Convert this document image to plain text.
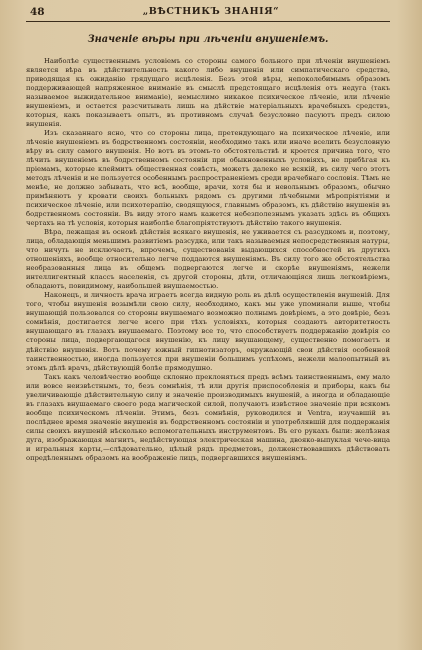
48	„ВѢСТНИКЪ ЗНАНІЯ“
Значеніе вѣры при лѣченіи внушеніемъ.

Наиболѣе существеннымъ условіемъ со стороны самого больного при лѣченіи внушеніемъ является вѣра въ дѣйствительность какого либо внушенія или симпатическаго средства, приводящая къ ожиданію грядущаго исцѣленія. Безъ этой вѣры, непоколебимымъ образомъ поддерживающей напряженное вниманіе въ смыслѣ предстоящаго исцѣленія отъ недуга (такъ называемое выжидательное вниманіе), немыслимо никакое психическое лѣченіе, или лѣченіе внушеніемъ, и остается разсчитывать лишь на дѣйствіе матеріальныхъ врачебныхъ средствъ, которыя, какъ показываетъ опытъ, въ противномъ случаѣ безусловно пасуютъ предъ силою внушенія.

Изъ сказаннаго ясно, что со стороны лица, претендующаго на психическое лѣченіе, или лѣченіе внушеніемъ въ бодрственномъ состояніи, необходимо такъ или иначе вселить безусловную вѣру въ силу самого внушенія. Но вотъ въ этомъ-то обстоятельствѣ и кроется причина того, что лѣчить внушеніемъ въ бодрственномъ состояніи при обыкновенныхъ условіяхъ, не прибѣгая къ пріемамъ, которые клеймитъ общественная совѣсть, можетъ далеко не всякій, въ силу чего этотъ методъ лѣченія и не пользуется особеннымъ распространеніемъ среди врачебнаго сословія. Тѣмъ не менѣе, не должно забывать, что всѣ, вообще, врачи, хотя бы и невольнымъ образомъ, обычно примѣняютъ у кровати своихъ больныхъ рядомъ съ другими лѣчебными мѣропріятіями и психическое лѣченіе, или психотерапію, сводящуюся, главнымъ образомъ, къ дѣйствію внушенія въ бодрственномъ состояніи. Въ виду этого намъ кажется небезполезнымъ указать здѣсь въ общихъ чертахъ на тѣ условія, которыя наиболѣе благопріятствуютъ дѣйствію такого внушенія.

Вѣра, лежащая въ основѣ дѣйствія всякаго внушенія, не уживается съ разсудкомъ и, поэтому, лица, обладающія меньшимъ развитіемъ разсудка, или такъ называемыя непосредственныя натуры, что ничуть не исключаетъ, впрочемъ, существованія выдающихся способностей въ другихъ отношеніяхъ, вообще относительно легче поддаются внушеніямъ. Въ силу того же обстоятельства необразованныя лица въ общемъ подвергаются легче и скорѣе внушеніямъ, нежели интеллигентный классъ населенія, съ другой стороны, дѣти, отличающіяся лишь легковѣріемъ, обладаютъ, повидимому, наибольшей внушаемостью.

Наконецъ, и личность врача играетъ всегда видную роль въ дѣлѣ осуществленія внушеній. Для того, чтобы внушенія возымѣли свою силу, необходимо, какъ мы уже упоминали выше, чтобы внушающій пользовался со стороны внушаемаго возможно полнымъ довѣріемъ, а это довѣріе, безъ сомнѣнія, достигается легче всего при тѣхъ условіяхъ, которыя создаютъ авторитетность внушающаго въ глазахъ внушаемаго. Поэтому все то, что способствуетъ поддержанію довѣрія со стороны лица, подвергающагося внушенію, къ лицу внушающему, существенно помогаетъ и дѣйствію внушенія. Вотъ почему южный гипнотизаторъ, окружающій свои дѣйствія особенной таинственностью, иногда пользуется при внушеніи большимъ успѣхомъ, нежели малоопытный въ этомъ дѣлѣ врачъ, дѣйствующій болѣе прямодушно.

Такъ какъ человѣчество вообще склонно преклоняться предъ всѣмъ таинственнымъ, ему мало или вовсе неизвѣстнымъ, то, безъ сомнѣнія, тѣ или другія приспособленія и приборы, какъ бы увеличивающіе дѣйствительную силу и значеніе производимыхъ внушеній, а иногда и обладающіе въ глазахъ внушаемаго своего рода магической силой, получаютъ извѣстное значеніе при всякомъ вообще психическомъ лѣченіи. Этимъ, безъ сомнѣнія, руководился и Ventra, изучавшій въ послѣднее время значеніе внушенія въ бодрственномъ состояніи и употреблявшій для поддержанія силы своихъ внушеній нѣсколько вспомогательныхъ инструментовъ. Въ его рукахъ были: желѣзная дуга, изображающая магнитъ, недѣйствующая электрическая машина, двояко-выпуклая чече-вица и игральныя карты,—слѣдовательно, цѣлый рядъ предметовъ, долженствовавшихъ дѣйствовать опредѣленнымъ образомъ на воображеніе лицъ, подвергавшихся внушеніямъ.
